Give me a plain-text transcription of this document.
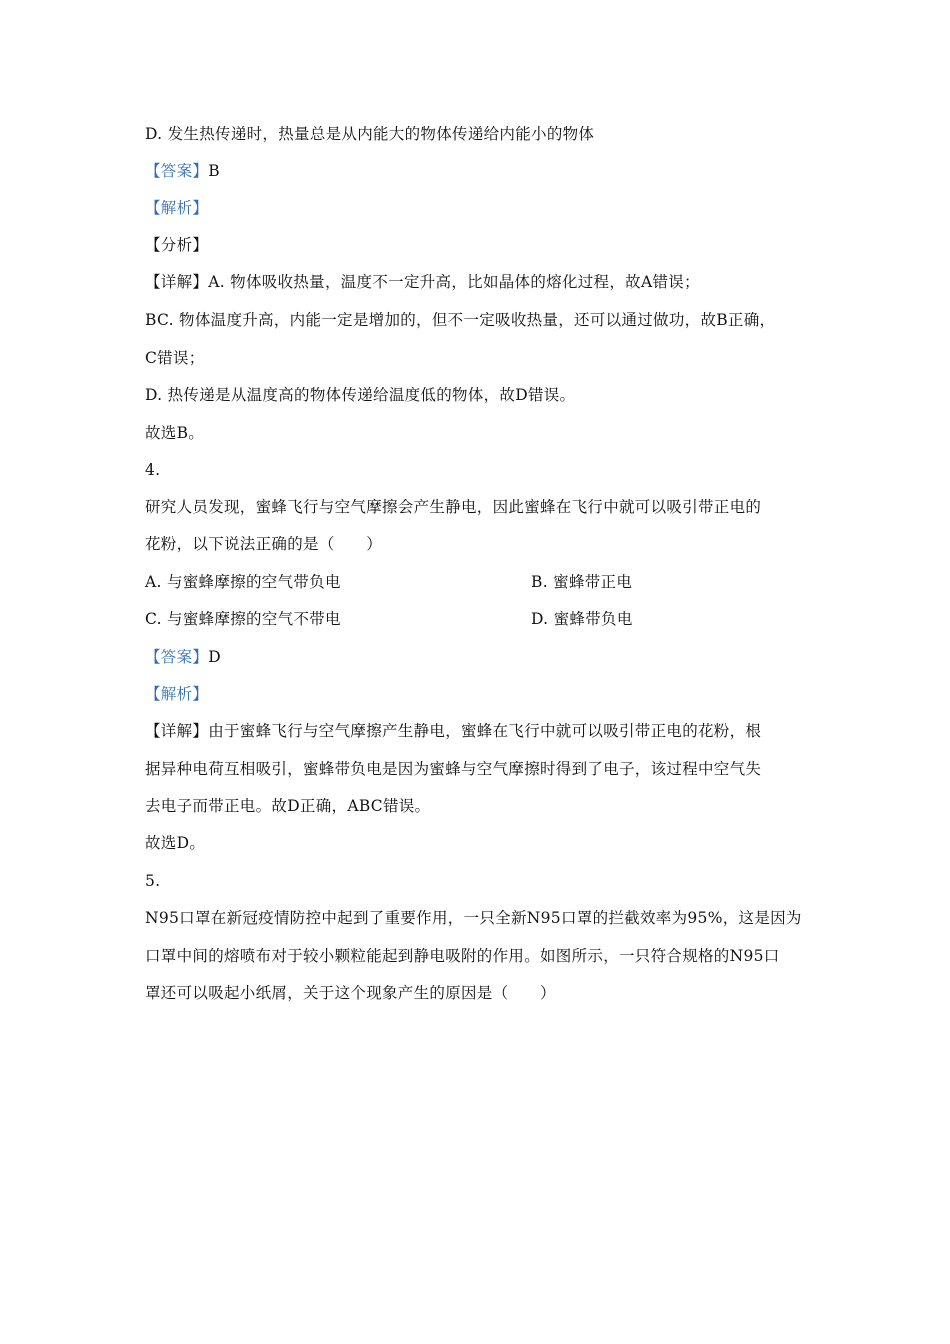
D. 发生热传递时，热量总是从内能大的物体传递给内能小的物体
【答案】B
【解析】
【分析】
【详解】A. 物体吸收热量，温度不一定升高，比如晶体的熔化过程，故A错误；
BC. 物体温度升高，内能一定是增加的，但不一定吸收热量，还可以通过做功，故B正确，
C错误；
D. 热传递是从温度高的物体传递给温度低的物体，故D错误。
故选B。
4.
研究人员发现，蜜蜂飞行与空气摩擦会产生静电，因此蜜蜂在飞行中就可以吸引带正电的
花粉，以下说法正确的是（　　）
A. 与蜜蜂摩擦的空气带负电	B. 蜜蜂带正电
C. 与蜜蜂摩擦的空气不带电	D. 蜜蜂带负电
【答案】D
【解析】
【详解】由于蜜蜂飞行与空气摩擦产生静电，蜜蜂在飞行中就可以吸引带正电的花粉，根
据异种电荷互相吸引，蜜蜂带负电是因为蜜蜂与空气摩擦时得到了电子，该过程中空气失
去电子而带正电。故D正确，ABC错误。
故选D。
5.
N95口罩在新冠疫情防控中起到了重要作用，一只全新N95口罩的拦截效率为95%，这是因为
口罩中间的熔喷布对于较小颗粒能起到静电吸附的作用。如图所示，一只符合规格的N95口
罩还可以吸起小纸屑，关于这个现象产生的原因是（　　）
